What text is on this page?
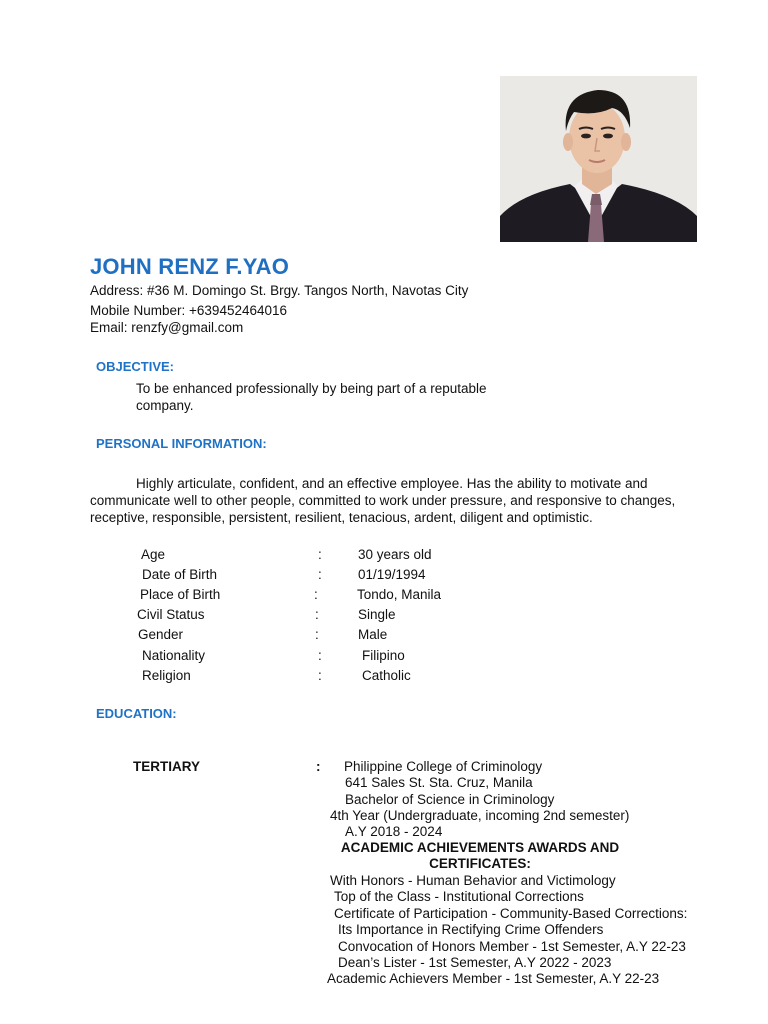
JOHN RENZ F.YAO
Address: #36 M. Domingo St. Brgy. Tangos North, Navotas City
Mobile Number: +639452464016
Email: renzfy@gmail.com
OBJECTIVE:
To be enhanced professionally by being part of a reputable company.
PERSONAL INFORMATION:
Highly articulate, confident, and an effective employee. Has the ability to motivate and communicate well to other people, committed to work under pressure, and responsive to changes, receptive, responsible, persistent, resilient, tenacious, ardent, diligent and optimistic.
Age	:	30 years old
Date of Birth	:	01/19/1994
Place of Birth	:	Tondo, Manila
Civil Status	:	Single
Gender	:	Male
Nationality	:	Filipino
Religion	:	Catholic
EDUCATION:
TERTIARY	: Philippine College of Criminology
641 Sales St. Sta. Cruz, Manila
Bachelor of Science in Criminology
4th Year (Undergraduate, incoming 2nd semester)
A.Y 2018 - 2024
ACADEMIC ACHIEVEMENTS AWARDS AND
CERTIFICATES:
With Honors - Human Behavior and Victimology
Top of the Class - Institutional Corrections
Certificate of Participation - Community-Based Corrections:
Its Importance in Rectifying Crime Offenders
Convocation of Honors Member - 1st Semester, A.Y 22-23
Dean’s Lister - 1st Semester, A.Y 2022 - 2023
Academic Achievers Member - 1st Semester, A.Y 22-23
